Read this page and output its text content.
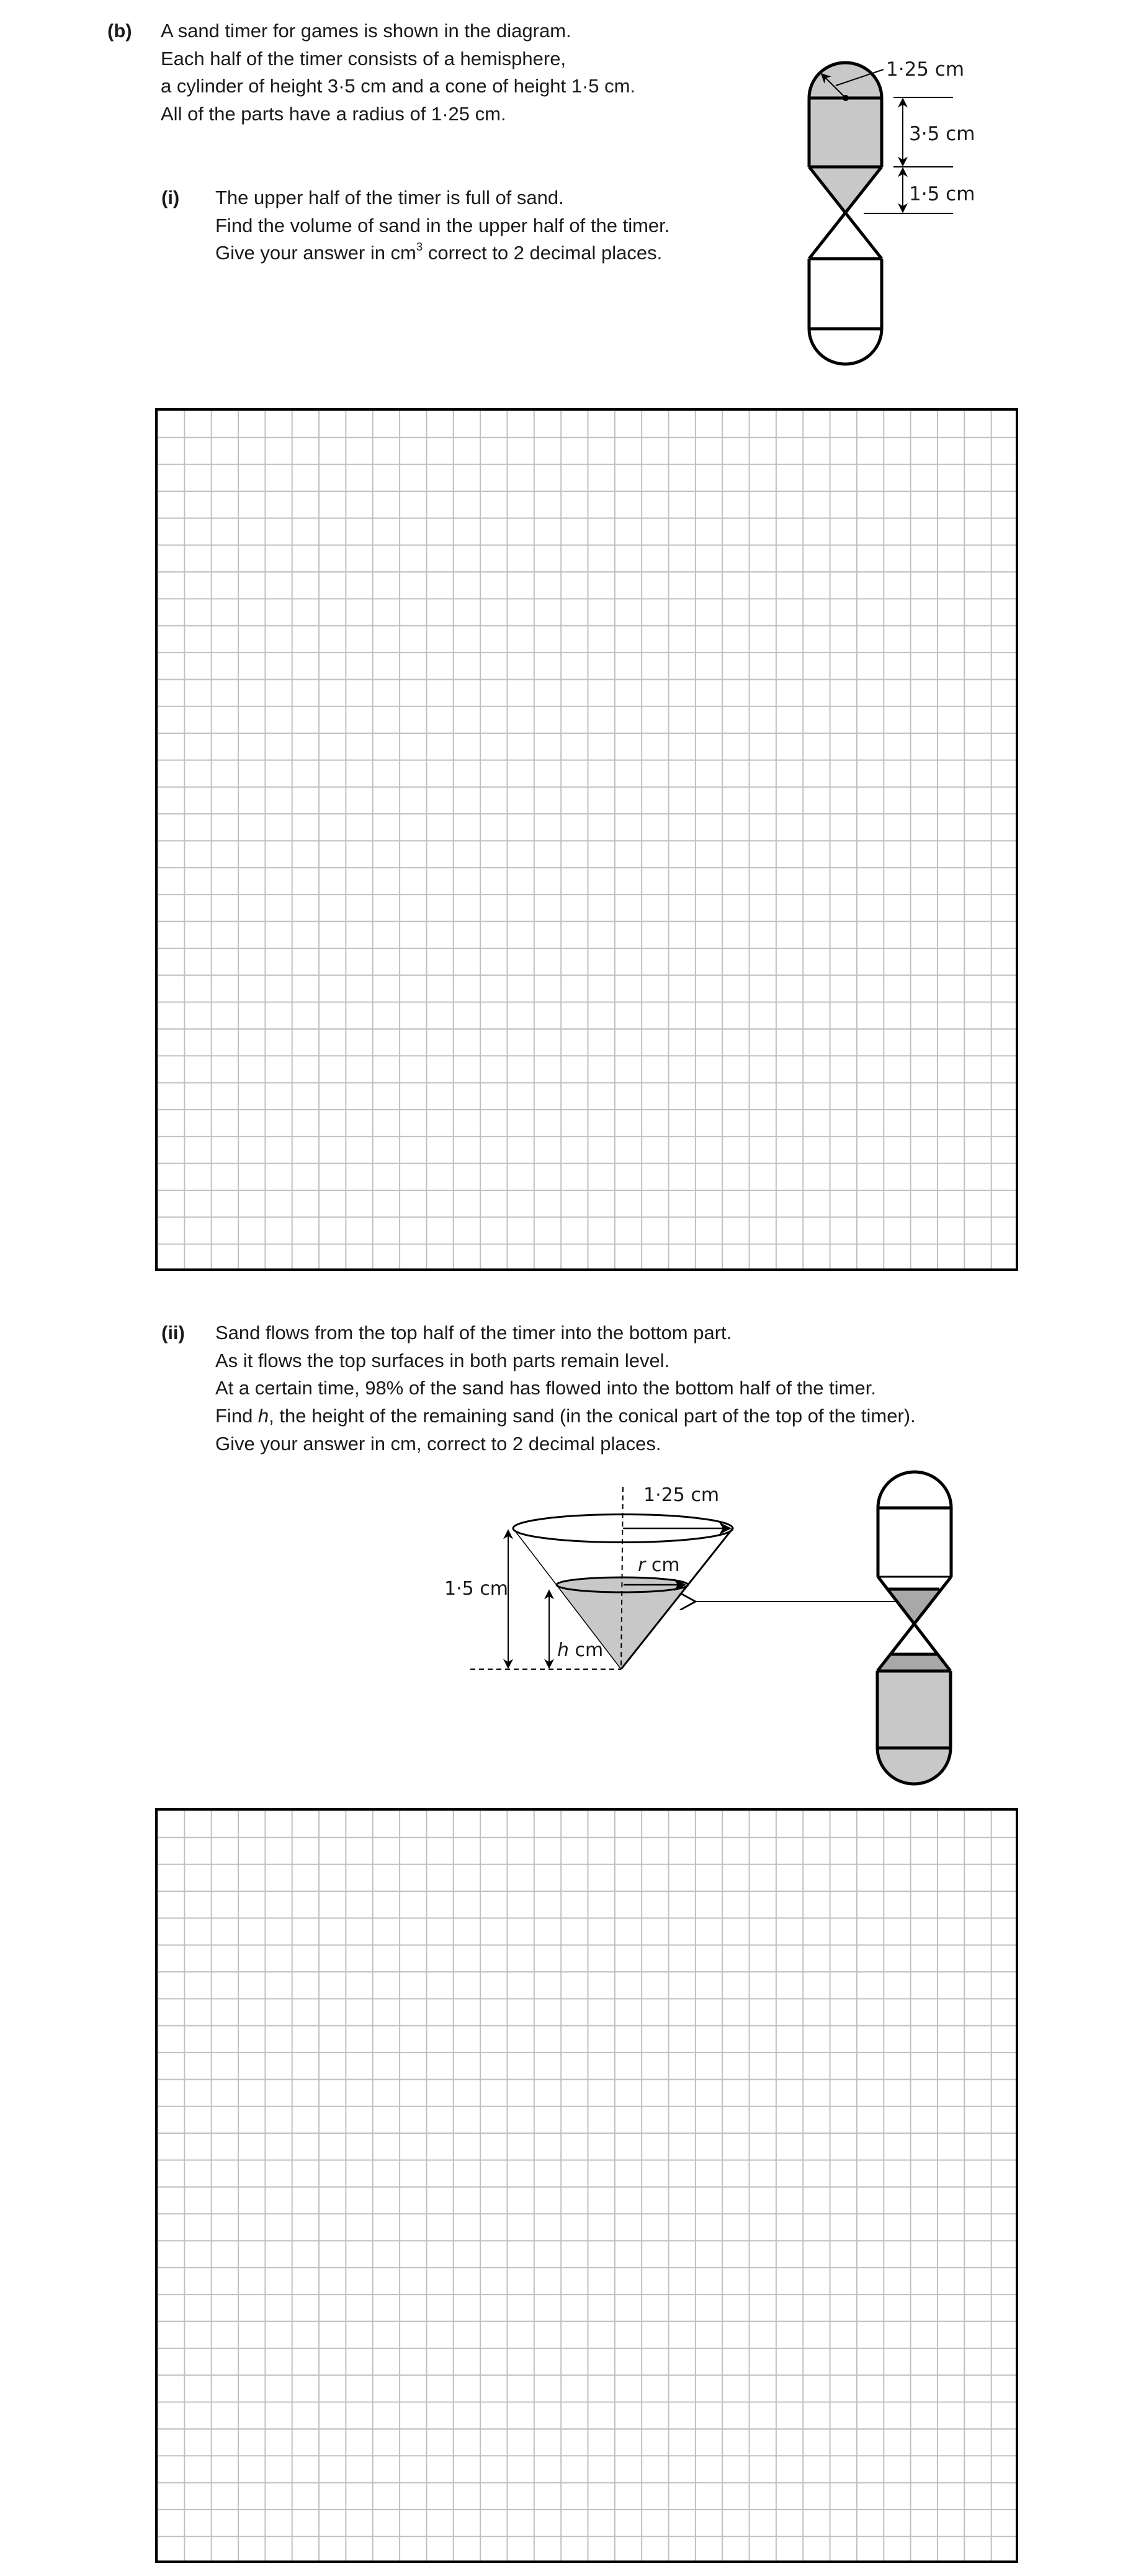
(b) A sand timer for games is shown in the diagram.
Each half of the timer consists of a hemisphere,
a cylinder of height 3·5 cm and a cone of height 1·5 cm.
All of the parts have a radius of 1·25 cm.
(i) The upper half of the timer is full of sand.
Find the volume of sand in the upper half of the timer.
Give your answer in $cm^3$ correct to 2 decimal places.
1·25 cm
3·5 cm
1·5 cm
(ii) Sand flows from the top half of the timer into the bottom part.
As it flows the top surfaces in both parts remain level.
At a certain time, 98% of the sand has flowed into the bottom half of the timer.
Find h, the height of the remaining sand (in the conical part of the top of the timer).
Give your answer in cm, correct to 2 decimal places.
1·25 cm
r cm
1·5 cm
h cm
